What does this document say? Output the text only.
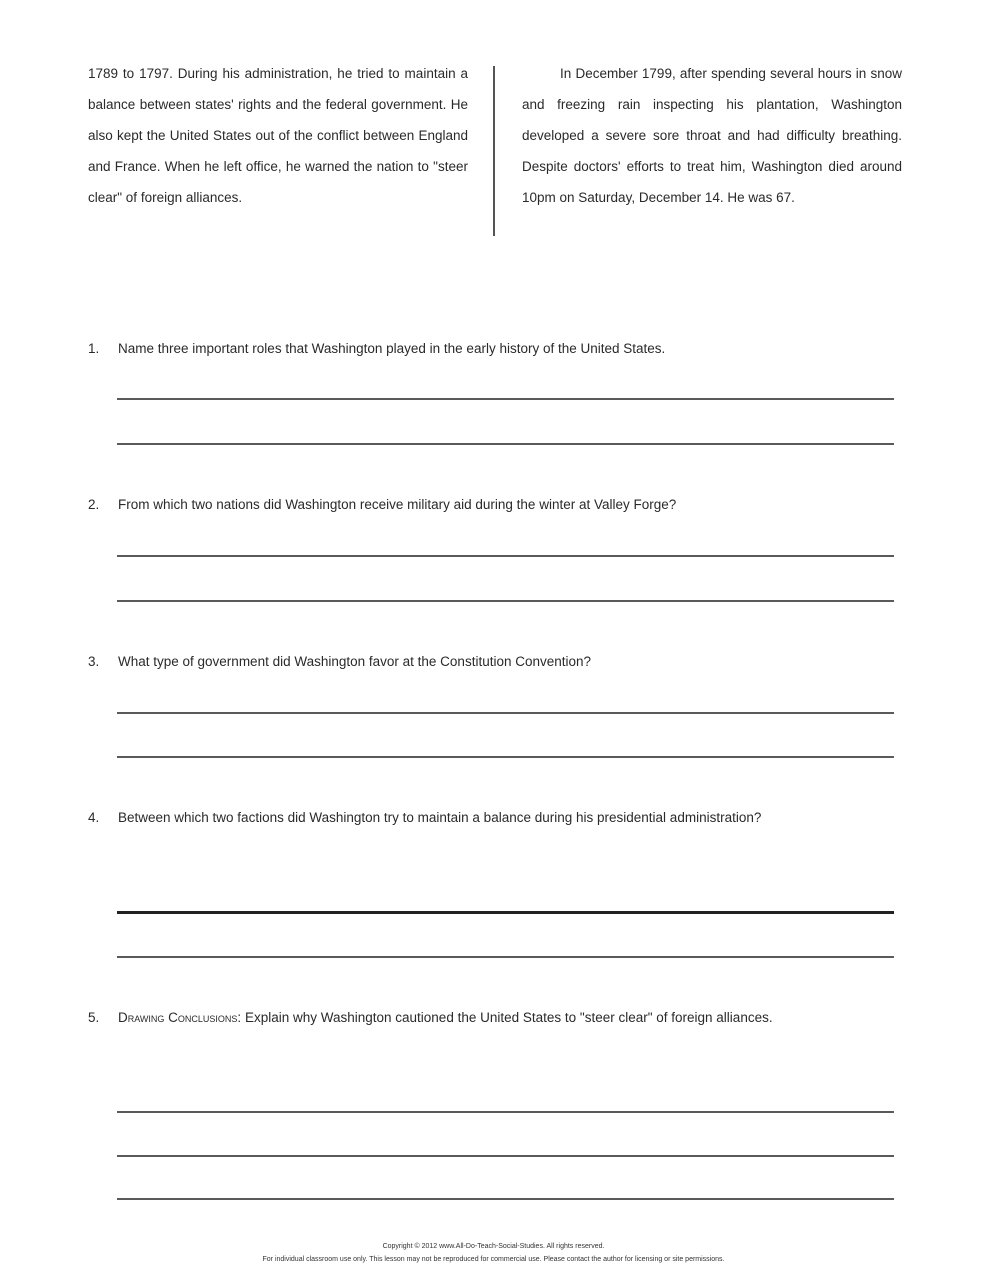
1789 to 1797. During his administration, he tried to maintain a balance between states' rights and the federal government. He also kept the United States out of the conflict between England and France. When he left office, he warned the nation to "steer clear" of foreign alliances.
In December 1799, after spending several hours in snow and freezing rain inspecting his plantation, Washington developed a severe sore throat and had difficulty breathing. Despite doctors' efforts to treat him, Washington died around 10pm on Saturday, December 14. He was 67.
1. Name three important roles that Washington played in the early history of the United States.
2. From which two nations did Washington receive military aid during the winter at Valley Forge?
3. What type of government did Washington favor at the Constitution Convention?
4. Between which two factions did Washington try to maintain a balance during his presidential administration?
5. Drawing Conclusions: Explain why Washington cautioned the United States to "steer clear" of foreign alliances.
Copyright © 2012 www.All-Do-Teach-Social-Studies. All rights reserved.
For individual classroom use only. This lesson may not be reproduced for commercial use. Please contact the author for licensing or site permissions.
